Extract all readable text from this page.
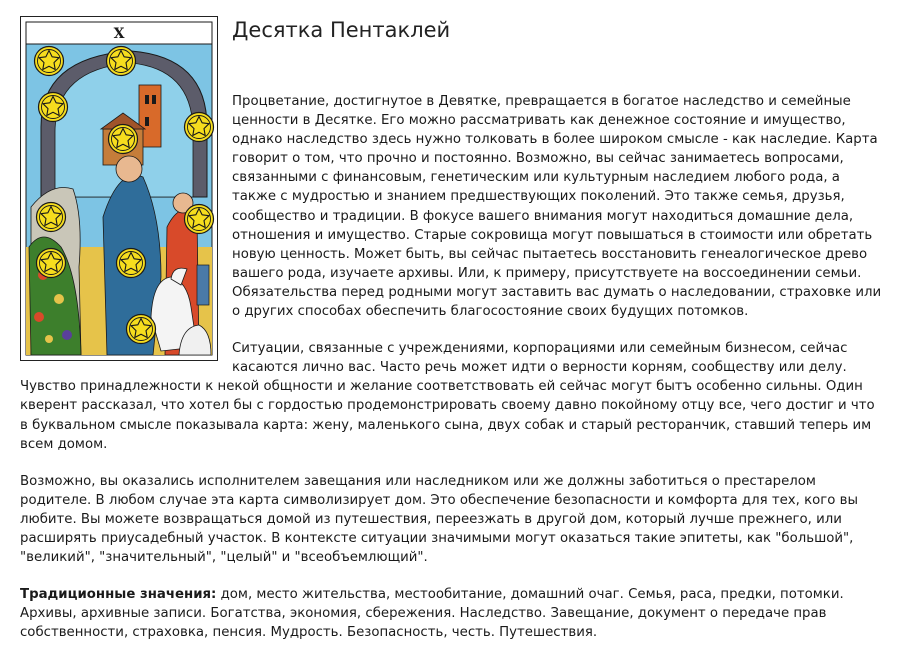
X	Десятка Пентаклей

Процветание, достигнутое в Девятке, превращается в богатое наследство и семейные ценности в Десятке. Его можно рассматривать как денежное состояние и имущество, однако наследство здесь нужно толковать в более широком смысле - как наследие. Карта говорит о том, что прочно и постоянно. Возможно, вы сейчас занимаетесь вопросами, связанными с финансовым, генетическим или культурным наследием любого рода, а также с мудростью и знанием предшествующих поколений. Это также семья, друзья, сообщество и традиции. В фокусе вашего внимания могут находиться домашние дела, отношения и имущество. Старые сокровища могут повышаться в стоимости или обретать новую ценность. Может быть, вы сейчас пытаетесь восстановить генеалогическое древо вашего рода, изучаете архивы. Или, к примеру, присутствуете на воссоединении семьи. Обязательства перед родными могут заставить вас думать о наследовании, страховке или о других способах обеспечить благосостояние своих будущих потомков.

Ситуации, связанные с учреждениями, корпорациями или семейным бизнесом, сейчас касаются лично вас. Часто речь может идти о верности корням, сообществу или делу. Чувство принадлежности к некой общности и желание соответствовать ей сейчас могут бытъ особенно сильны. Один кверент рассказал, что хотел бы с гордостью продемонстрировать своему давно покойному отцу все, чего достиг и что в буквальном смысле показывала карта: жену, маленького сына, двух собак и старый ресторанчик, ставший теперь им всем домом.

Возможно, вы оказались исполнителем завещания или наследником или же должны заботиться о престарелом родителе. В любом случае эта карта символизирует дом. Это обеспечение безопасности и комфорта для тех, кого вы любите. Вы можете возвращаться домой из путешествия, переезжать в другой дом, который лучше прежнего, или расширять приусадебный участок. В контексте ситуации значимыми могут оказаться такие эпитеты, как "большой", "великий", "значительный", "целый" и "всеобъемлющий".

Традиционные значения: дом, место жительства, местообитание, домашний очаг. Семья, раса, предки, потомки. Архивы, архивные записи. Богатства, экономия, сбережения. Наследство. Завещание, документ о передаче прав собственности, страховка, пенсия. Мудрость. Безопасность, честь. Путешествия.
